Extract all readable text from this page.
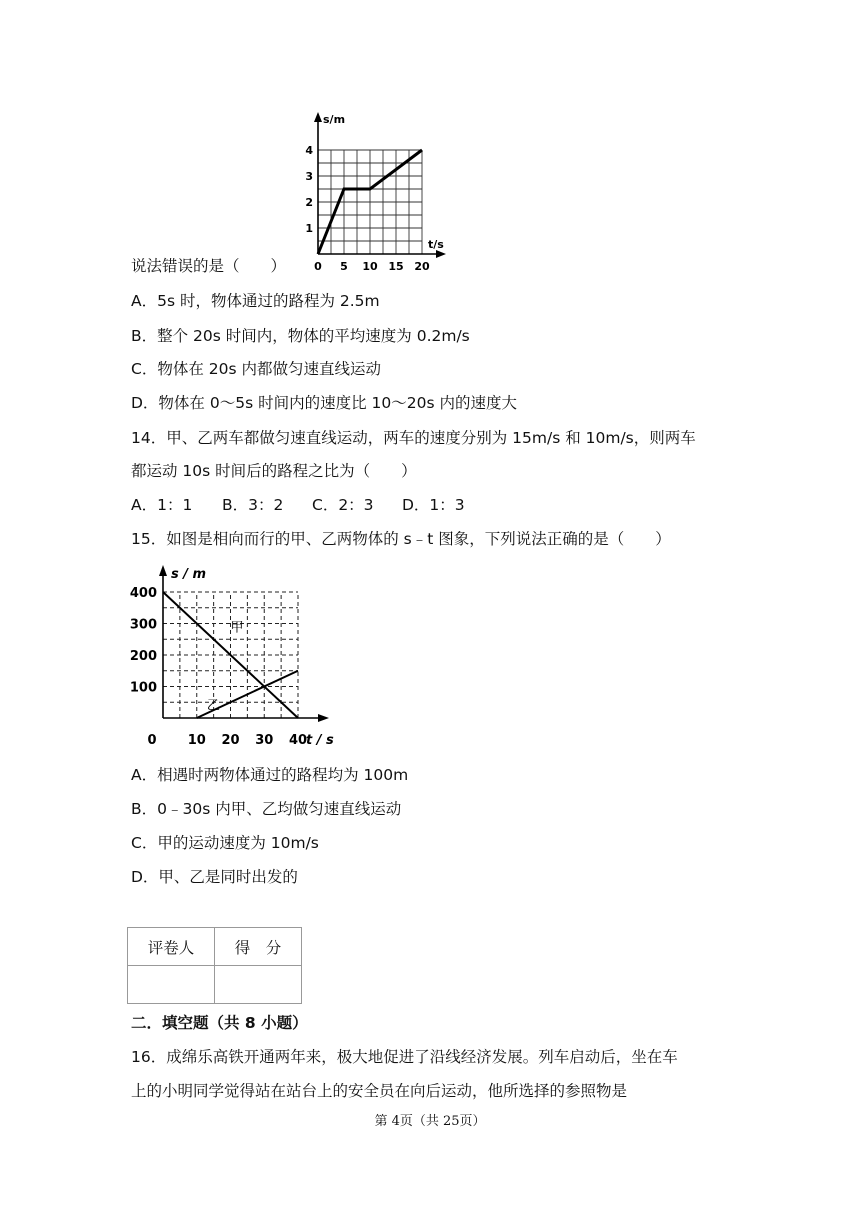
s/m
t/s
0 5 10 15 20
1
2
3
4
说法错误的是（　　）
A．5s 时，物体通过的路程为 2.5m
B．整个 20s 时间内，物体的平均速度为 0.2m/s
C．物体在 20s 内都做匀速直线运动
D．物体在 0～5s 时间内的速度比 10～20s 内的速度大
14．甲、乙两车都做匀速直线运动，两车的速度分别为 15m/s 和 10m/s，则两车
都运动 10s 时间后的路程之比为（　　）
A．1：1 B．3：2 C．2：3 D．1：3
15．如图是相向而行的甲、乙两物体的 s﹣t 图象，下列说法正确的是（　　）
s / m
t / s
0 10 20 30 40
100
200
300
400
甲
乙
A．相遇时两物体通过的路程均为 100m
B．0﹣30s 内甲、乙均做匀速直线运动
C．甲的运动速度为 10m/s
D．甲、乙是同时出发的
评卷人	得　分

二．填空题（共 8 小题）
16．成绵乐高铁开通两年来，极大地促进了沿线经济发展。列车启动后，坐在车
上的小明同学觉得站在站台上的安全员在向后运动，他所选择的参照物是
第 4页（共 25页）
